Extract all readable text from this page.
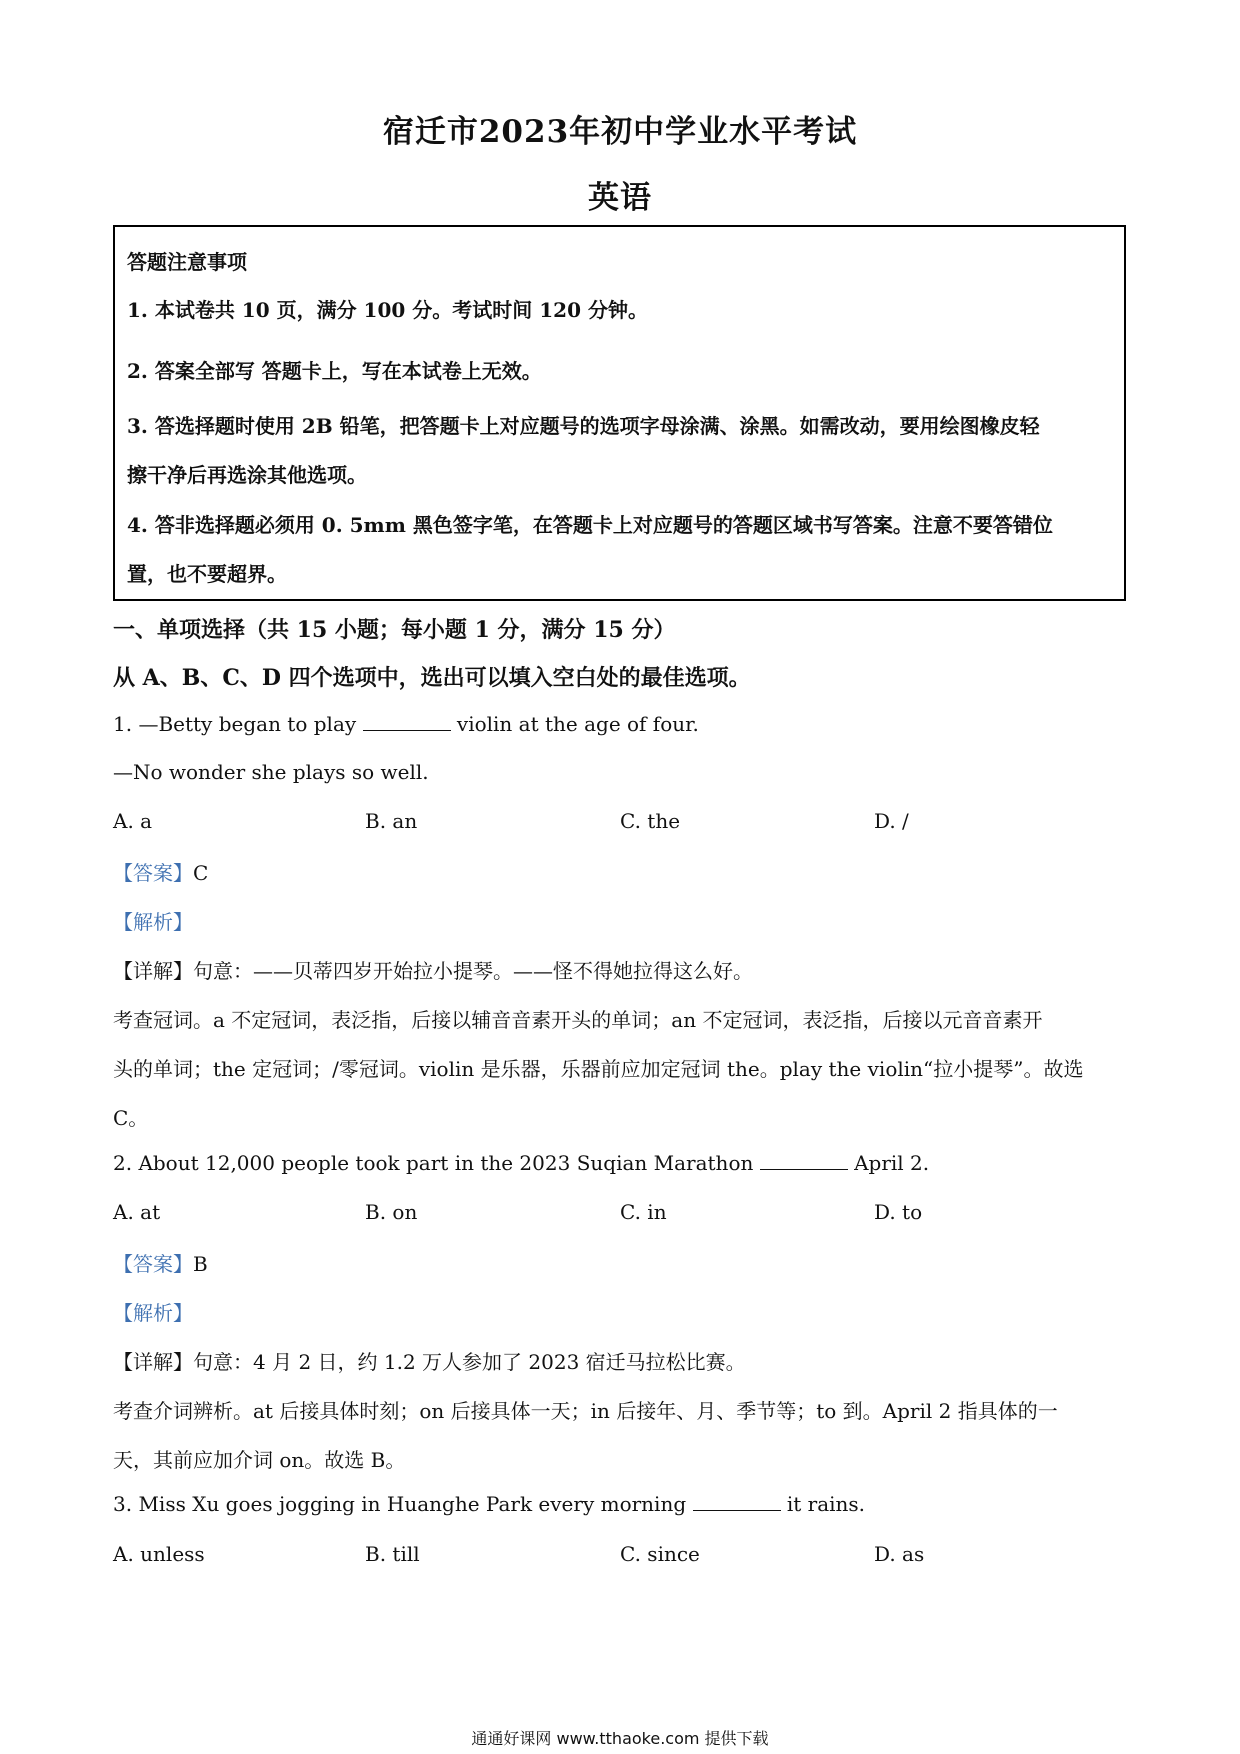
宿迁市2023年初中学业水平考试
英语
答题注意事项
1. 本试卷共 10 页，满分 100 分。考试时间 120 分钟。
2. 答案全部写 答题卡上，写在本试卷上无效。
3. 答选择题时使用 2B 铅笔，把答题卡上对应题号的选项字母涂满、涂黑。如需改动，要用绘图橡皮轻
擦干净后再选涂其他选项。
4. 答非选择题必须用 0. 5mm 黑色签字笔，在答题卡上对应题号的答题区域书写答案。注意不要答错位
置，也不要超界。
一、单项选择（共 15 小题；每小题 1 分，满分 15 分）
从 A、B、C、D 四个选项中，选出可以填入空白处的最佳选项。
1. —Betty began to play	violin at the age of four.
—No wonder she plays so well.
A. a	B. an	C. the	D. /
【答案】C
【解析】
【详解】句意：——贝蒂四岁开始拉小提琴。——怪不得她拉得这么好。
考查冠词。a 不定冠词，表泛指，后接以辅音音素开头的单词；an 不定冠词，表泛指，后接以元音音素开
头的单词；the 定冠词；/零冠词。violin 是乐器，乐器前应加定冠词 the。play the violin“拉小提琴”。故选
C。
2. About 12,000 people took part in the 2023 Suqian Marathon	April 2.
A. at	B. on	C. in	D. to
【答案】B
【解析】
【详解】句意：4 月 2 日，约 1.2 万人参加了 2023 宿迁马拉松比赛。
考查介词辨析。at 后接具体时刻；on 后接具体一天；in 后接年、月、季节等；to 到。April 2 指具体的一
天，其前应加介词 on。故选 B。
3. Miss Xu goes jogging in Huanghe Park every morning	it rains.
A. unless	B. till	C. since	D. as
通通好课网 www.tthaoke.com 提供下载
